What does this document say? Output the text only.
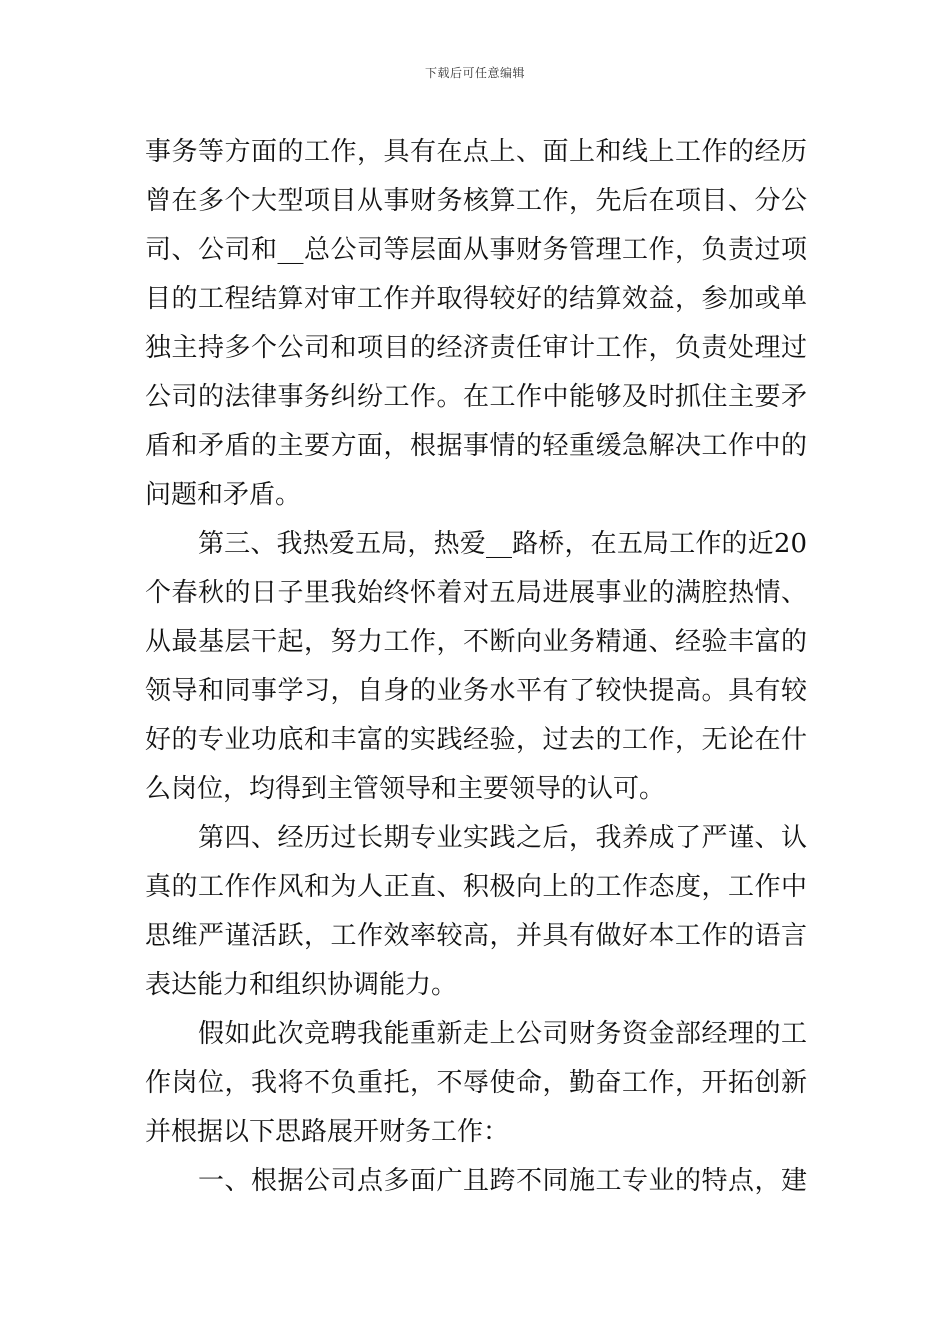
下载后可任意编辑
事务等方面的工作，具有在点上、面上和线上工作的经历
曾在多个大型项目从事财务核算工作，先后在项目、分公
司、公司和__总公司等层面从事财务管理工作，负责过项
目的工程结算对审工作并取得较好的结算效益，参加或单
独主持多个公司和项目的经济责任审计工作，负责处理过
公司的法律事务纠纷工作。在工作中能够及时抓住主要矛
盾和矛盾的主要方面，根据事情的轻重缓急解决工作中的
问题和矛盾。
第三、我热爱五局，热爱__路桥，在五局工作的近20
个春秋的日子里我始终怀着对五局进展事业的满腔热情、
从最基层干起，努力工作，不断向业务精通、经验丰富的
领导和同事学习，自身的业务水平有了较快提高。具有较
好的专业功底和丰富的实践经验，过去的工作，无论在什
么岗位，均得到主管领导和主要领导的认可。
第四、经历过长期专业实践之后，我养成了严谨、认
真的工作作风和为人正直、积极向上的工作态度，工作中
思维严谨活跃，工作效率较高，并具有做好本工作的语言
表达能力和组织协调能力。
假如此次竞聘我能重新走上公司财务资金部经理的工
作岗位，我将不负重托，不辱使命，勤奋工作，开拓创新
并根据以下思路展开财务工作：
一、根据公司点多面广且跨不同施工专业的特点，建
